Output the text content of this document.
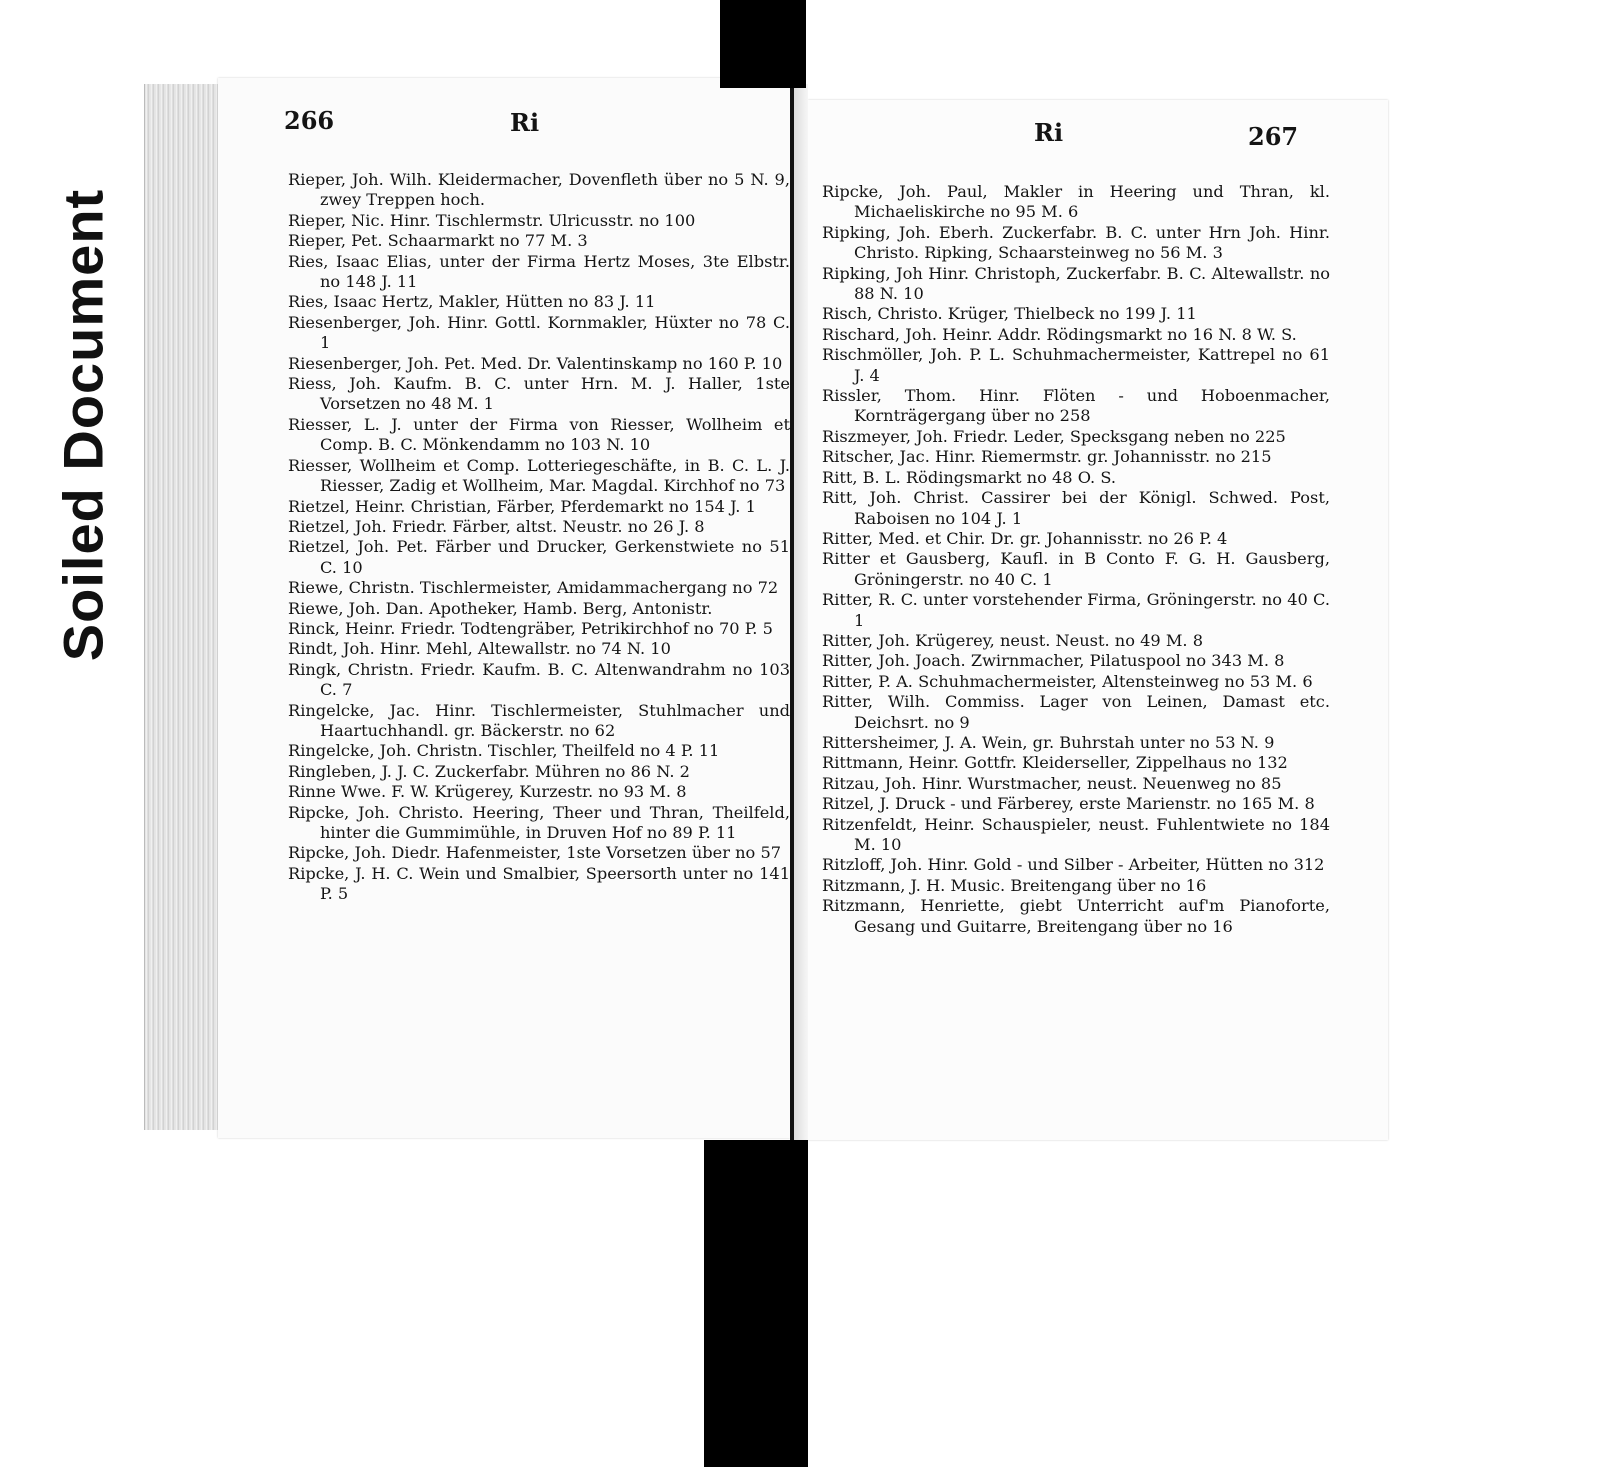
Soiled Document
266	Ri	Ri	267
Rieper, Joh. Wilh. Kleidermacher, Dovenfleth über no 5 N. 9, zwey Treppen hoch.
Rieper, Nic. Hinr. Tischlermstr. Ulricusstr. no 100
Rieper, Pet. Schaarmarkt no 77 M. 3
Ries, Isaac Elias, unter der Firma Hertz Moses, 3te Elbstr. no 148 J. 11
Ries, Isaac Hertz, Makler, Hütten no 83 J. 11
Riesenberger, Joh. Hinr. Gottl. Kornmakler, Hüxter no 78 C. 1
Riesenberger, Joh. Pet. Med. Dr. Valentinskamp no 160 P. 10
Riess, Joh. Kaufm. B. C. unter Hrn. M. J. Haller, 1ste Vorsetzen no 48 M. 1
Riesser, L. J. unter der Firma von Riesser, Wollheim et Comp. B. C. Mönkendamm no 103 N. 10
Riesser, Wollheim et Comp. Lotteriegeschäfte, in B. C. L. J. Riesser, Zadig et Wollheim, Mar. Magdal. Kirchhof no 73
Rietzel, Heinr. Christian, Färber, Pferdemarkt no 154 J. 1
Rietzel, Joh. Friedr. Färber, altst. Neustr. no 26 J. 8
Rietzel, Joh. Pet. Färber und Drucker, Gerkenstwiete no 51 C. 10
Riewe, Christn. Tischlermeister, Amidammachergang no 72
Riewe, Joh. Dan. Apotheker, Hamb. Berg, Antonistr.
Rinck, Heinr. Friedr. Todtengräber, Petrikirchhof no 70 P. 5
Rindt, Joh. Hinr. Mehl, Altewallstr. no 74 N. 10
Ringk, Christn. Friedr. Kaufm. B. C. Altenwandrahm no 103 C. 7
Ringelcke, Jac. Hinr. Tischlermeister, Stuhlmacher und Haartuchhandl. gr. Bäckerstr. no 62
Ringelcke, Joh. Christn. Tischler, Theilfeld no 4 P. 11
Ringleben, J. J. C. Zuckerfabr. Mühren no 86 N. 2
Rinne Wwe. F. W. Krügerey, Kurzestr. no 93 M. 8
Ripcke, Joh. Christo. Heering, Theer und Thran, Theilfeld, hinter die Gummimühle, in Druven Hof no 89 P. 11
Ripcke, Joh. Diedr. Hafenmeister, 1ste Vorsetzen über no 57
Ripcke, J. H. C. Wein und Smalbier, Speersorth unter no 141 P. 5
Ripcke, Joh. Paul, Makler in Heering und Thran, kl. Michaeliskirche no 95 M. 6
Ripking, Joh. Eberh. Zuckerfabr. B. C. unter Hrn Joh. Hinr. Christo. Ripking, Schaarsteinweg no 56 M. 3
Ripking, Joh Hinr. Christoph, Zuckerfabr. B. C. Altewallstr. no 88 N. 10
Risch, Christo. Krüger, Thielbeck no 199 J. 11
Rischard, Joh. Heinr. Addr. Rödingsmarkt no 16 N. 8 W. S.
Rischmöller, Joh. P. L. Schuhmachermeister, Kattrepel no 61 J. 4
Rissler, Thom. Hinr. Flöten - und Hoboenmacher, Kornträgergang über no 258
Riszmeyer, Joh. Friedr. Leder, Specksgang neben no 225
Ritscher, Jac. Hinr. Riemermstr. gr. Johannisstr. no 215
Ritt, B. L. Rödingsmarkt no 48 O. S.
Ritt, Joh. Christ. Cassirer bei der Königl. Schwed. Post, Raboisen no 104 J. 1
Ritter, Med. et Chir. Dr. gr. Johannisstr. no 26 P. 4
Ritter et Gausberg, Kaufl. in B Conto F. G. H. Gausberg, Gröningerstr. no 40 C. 1
Ritter, R. C. unter vorstehender Firma, Gröningerstr. no 40 C. 1
Ritter, Joh. Krügerey, neust. Neust. no 49 M. 8
Ritter, Joh. Joach. Zwirnmacher, Pilatuspool no 343 M. 8
Ritter, P. A. Schuhmachermeister, Altensteinweg no 53 M. 6
Ritter, Wilh. Commiss. Lager von Leinen, Damast etc. Deichsrt. no 9
Rittersheimer, J. A. Wein, gr. Buhrstah unter no 53 N. 9
Rittmann, Heinr. Gottfr. Kleiderseller, Zippelhaus no 132
Ritzau, Joh. Hinr. Wurstmacher, neust. Neuenweg no 85
Ritzel, J. Druck - und Färberey, erste Marienstr. no 165 M. 8
Ritzenfeldt, Heinr. Schauspieler, neust. Fuhlentwiete no 184 M. 10
Ritzloff, Joh. Hinr. Gold - und Silber - Arbeiter, Hütten no 312
Ritzmann, J. H. Music. Breitengang über no 16
Ritzmann, Henriette, giebt Unterricht auf'm Pianoforte, Gesang und Guitarre, Breitengang über no 16
